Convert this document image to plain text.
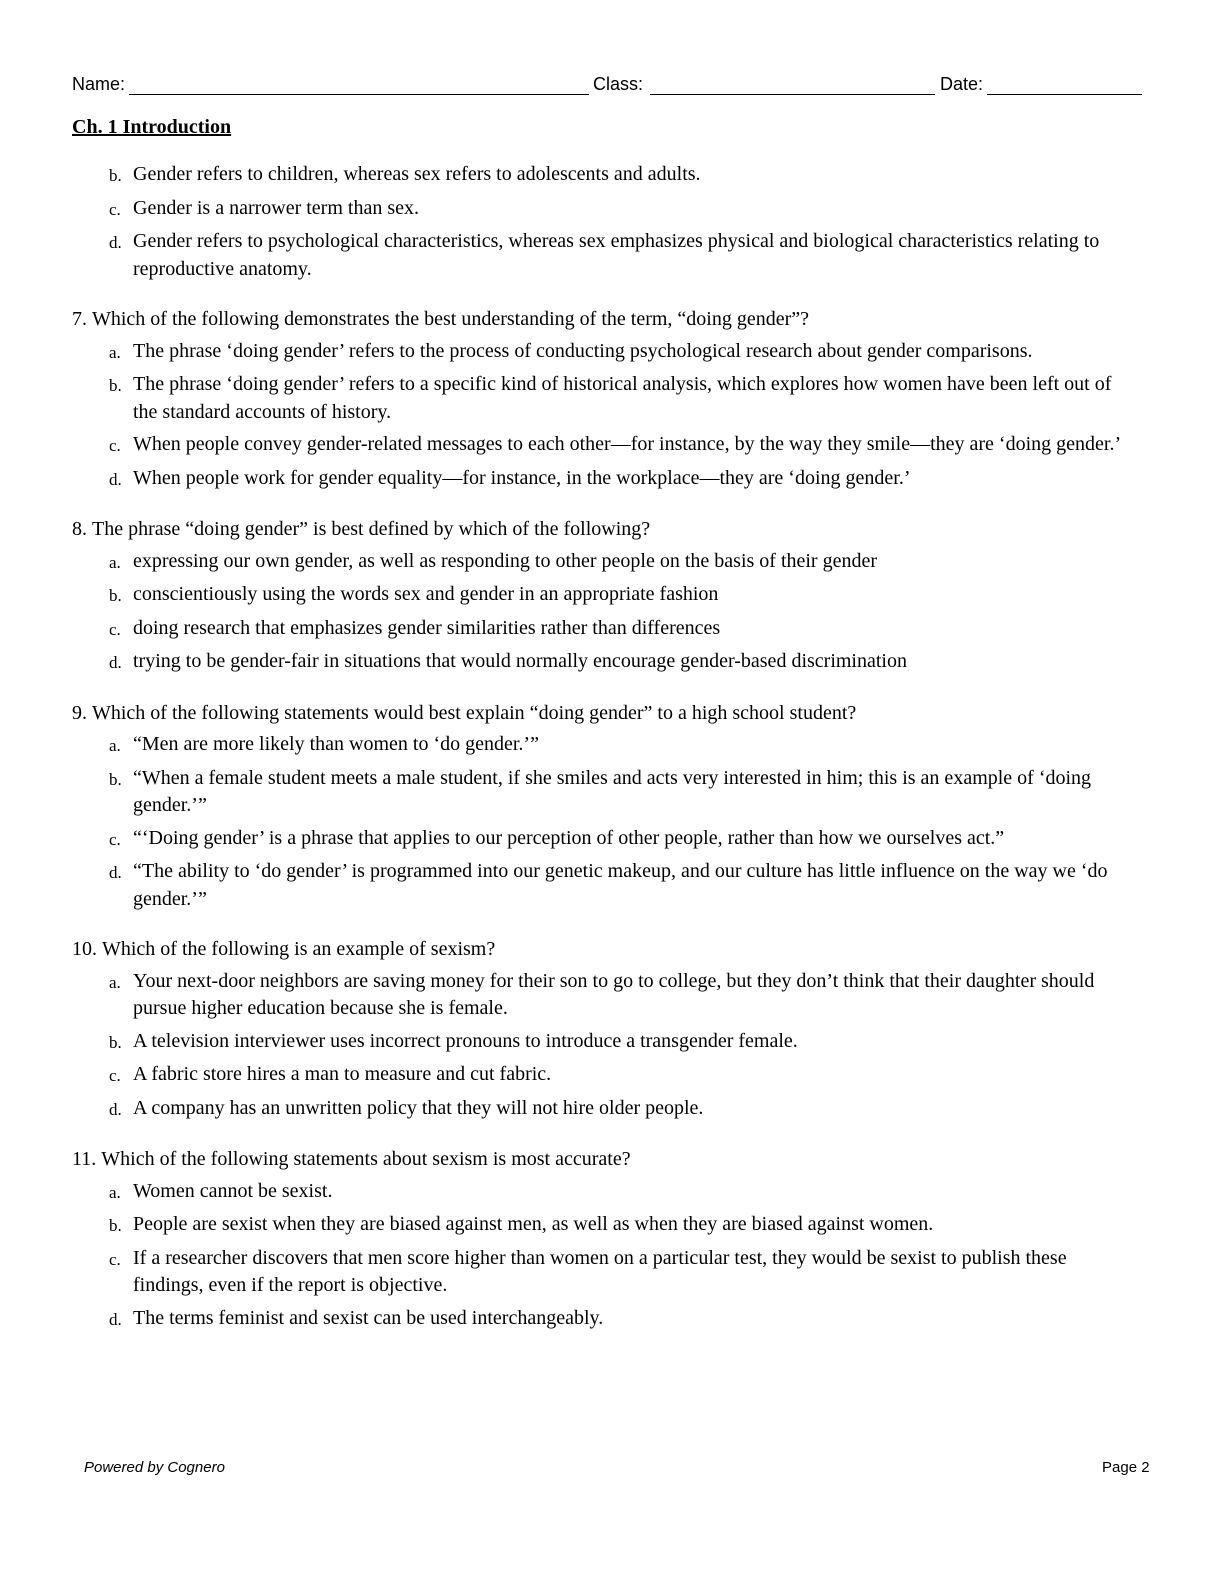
Name:	Class:	Date:
Ch. 1 Introduction
b. Gender refers to children, whereas sex refers to adolescents and adults.
c. Gender is a narrower term than sex.
d. Gender refers to psychological characteristics, whereas sex emphasizes physical and biological characteristics relating to reproductive anatomy.
7. Which of the following demonstrates the best understanding of the term, “doing gender”?
a. The phrase ‘doing gender’ refers to the process of conducting psychological research about gender comparisons.
b. The phrase ‘doing gender’ refers to a specific kind of historical analysis, which explores how women have been left out of the standard accounts of history.
c. When people convey gender-related messages to each other—for instance, by the way they smile—they are ‘doing gender.’
d. When people work for gender equality—for instance, in the workplace—they are ‘doing gender.’
8. The phrase “doing gender” is best defined by which of the following?
a. expressing our own gender, as well as responding to other people on the basis of their gender
b. conscientiously using the words sex and gender in an appropriate fashion
c. doing research that emphasizes gender similarities rather than differences
d. trying to be gender-fair in situations that would normally encourage gender-based discrimination
9. Which of the following statements would best explain “doing gender” to a high school student?
a. “Men are more likely than women to ‘do gender.’”
b. “When a female student meets a male student, if she smiles and acts very interested in him; this is an example of ‘doing gender.’”
c. “‘Doing gender’ is a phrase that applies to our perception of other people, rather than how we ourselves act.”
d. “The ability to ‘do gender’ is programmed into our genetic makeup, and our culture has little influence on the way we ‘do gender.’”
10. Which of the following is an example of sexism?
a. Your next-door neighbors are saving money for their son to go to college, but they don’t think that their daughter should pursue higher education because she is female.
b. A television interviewer uses incorrect pronouns to introduce a transgender female.
c. A fabric store hires a man to measure and cut fabric.
d. A company has an unwritten policy that they will not hire older people.
11. Which of the following statements about sexism is most accurate?
a. Women cannot be sexist.
b. People are sexist when they are biased against men, as well as when they are biased against women.
c. If a researcher discovers that men score higher than women on a particular test, they would be sexist to publish these findings, even if the report is objective.
d. The terms feminist and sexist can be used interchangeably.
Powered by Cognero	Page 2
